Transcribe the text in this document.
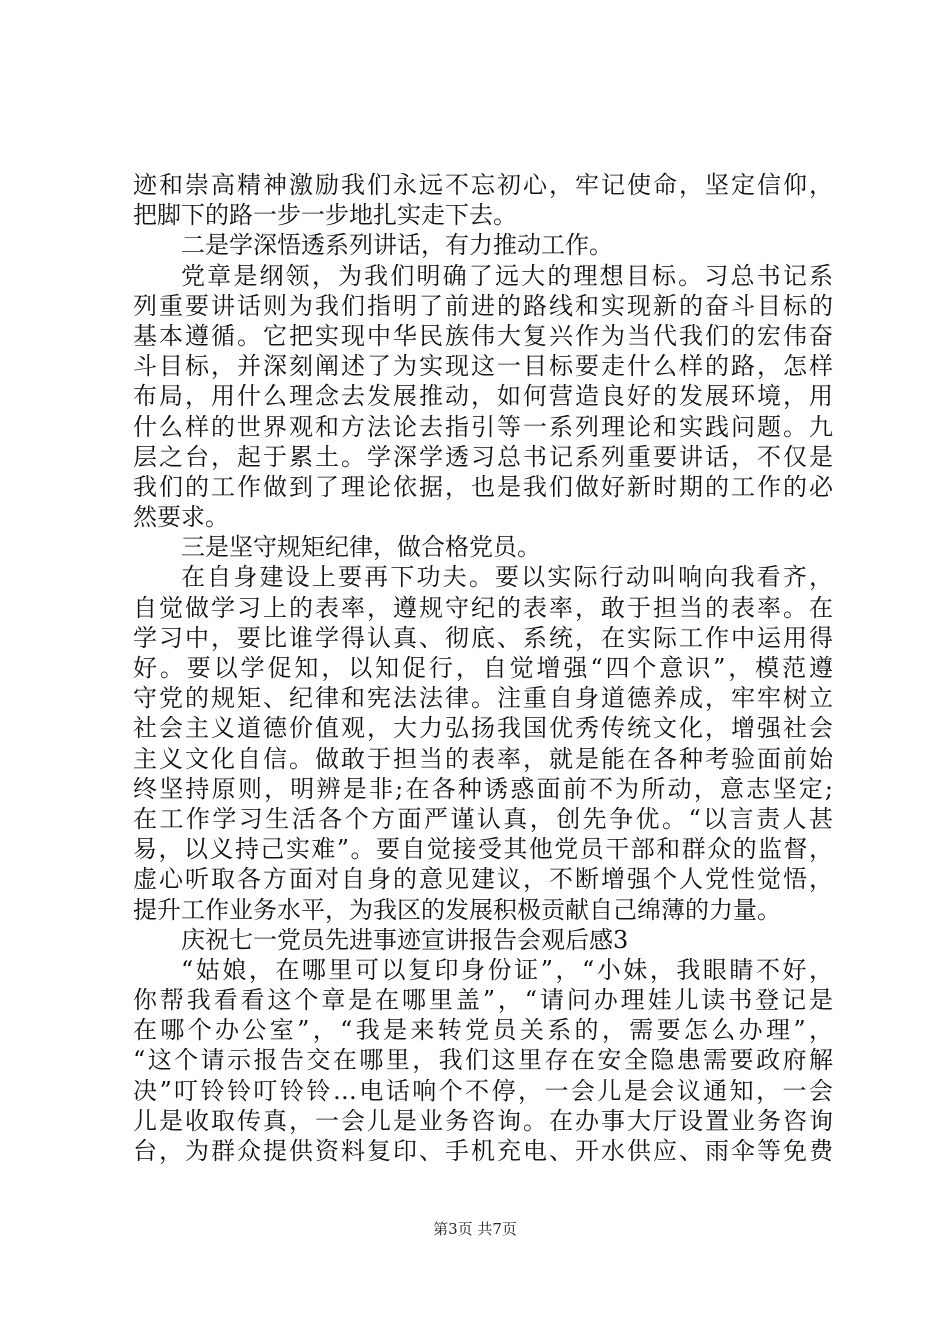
迹和崇高精神激励我们永远不忘初心，牢记使命，坚定信仰，
把脚下的路一步一步地扎实走下去。
二是学深悟透系列讲话，有力推动工作。
党章是纲领，为我们明确了远大的理想目标。习总书记系
列重要讲话则为我们指明了前进的路线和实现新的奋斗目标的
基本遵循。它把实现中华民族伟大复兴作为当代我们的宏伟奋
斗目标，并深刻阐述了为实现这一目标要走什么样的路，怎样
布局，用什么理念去发展推动，如何营造良好的发展环境，用
什么样的世界观和方法论去指引等一系列理论和实践问题。九
层之台，起于累土。学深学透习总书记系列重要讲话，不仅是
我们的工作做到了理论依据，也是我们做好新时期的工作的必
然要求。
三是坚守规矩纪律，做合格党员。
在自身建设上要再下功夫。要以实际行动叫响向我看齐，
自觉做学习上的表率，遵规守纪的表率，敢于担当的表率。在
学习中，要比谁学得认真、彻底、系统，在实际工作中运用得
好。要以学促知，以知促行，自觉增强“四个意识”，模范遵
守党的规矩、纪律和宪法法律。注重自身道德养成，牢牢树立
社会主义道德价值观，大力弘扬我国优秀传统文化，增强社会
主义文化自信。做敢于担当的表率，就是能在各种考验面前始
终坚持原则，明辨是非;在各种诱惑面前不为所动，意志坚定;
在工作学习生活各个方面严谨认真，创先争优。“以言责人甚
易，以义持己实难”。要自觉接受其他党员干部和群众的监督，
虚心听取各方面对自身的意见建议，不断增强个人党性觉悟，
提升工作业务水平，为我区的发展积极贡献自己绵薄的力量。
庆祝七一党员先进事迹宣讲报告会观后感3
“姑娘，在哪里可以复印身份证”，“小妹，我眼睛不好，
你帮我看看这个章是在哪里盖”，“请问办理娃儿读书登记是
在哪个办公室”，“我是来转党员关系的，需要怎么办理”，
“这个请示报告交在哪里，我们这里存在安全隐患需要政府解
决”叮铃铃叮铃铃…电话响个不停，一会儿是会议通知，一会
儿是收取传真，一会儿是业务咨询。在办事大厅设置业务咨询
台，为群众提供资料复印、手机充电、开水供应、雨伞等免费
第3页 共7页
